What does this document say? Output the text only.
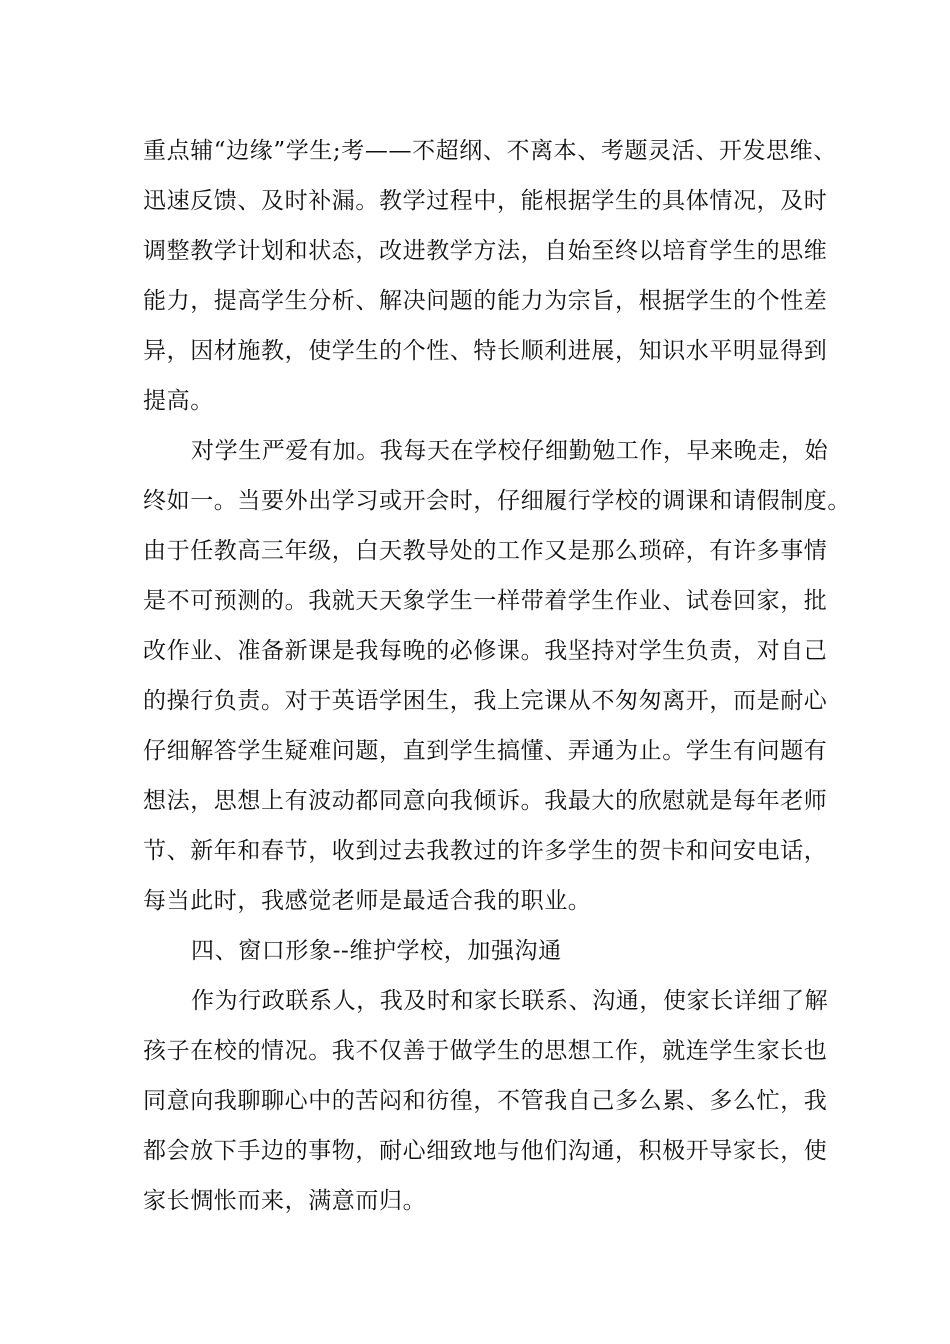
重点辅“边缘”学生;考——不超纲、不离本、考题灵活、开发思维、
迅速反馈、及时补漏。教学过程中，能根据学生的具体情况，及时
调整教学计划和状态，改进教学方法，自始至终以培育学生的思维
能力，提高学生分析、解决问题的能力为宗旨，根据学生的个性差
异，因材施教，使学生的个性、特长顺利进展，知识水平明显得到
提高。
对学生严爱有加。我每天在学校仔细勤勉工作，早来晚走，始
终如一。当要外出学习或开会时，仔细履行学校的调课和请假制度。
由于任教高三年级，白天教导处的工作又是那么琐碎，有许多事情
是不可预测的。我就天天象学生一样带着学生作业、试卷回家，批
改作业、准备新课是我每晚的必修课。我坚持对学生负责，对自己
的操行负责。对于英语学困生，我上完课从不匆匆离开，而是耐心
仔细解答学生疑难问题，直到学生搞懂、弄通为止。学生有问题有
想法，思想上有波动都同意向我倾诉。我最大的欣慰就是每年老师
节、新年和春节，收到过去我教过的许多学生的贺卡和问安电话，
每当此时，我感觉老师是最适合我的职业。
四、窗口形象--维护学校，加强沟通
作为行政联系人，我及时和家长联系、沟通，使家长详细了解
孩子在校的情况。我不仅善于做学生的思想工作，就连学生家长也
同意向我聊聊心中的苦闷和彷徨，不管我自己多么累、多么忙，我
都会放下手边的事物，耐心细致地与他们沟通，积极开导家长，使
家长惆怅而来，满意而归。
